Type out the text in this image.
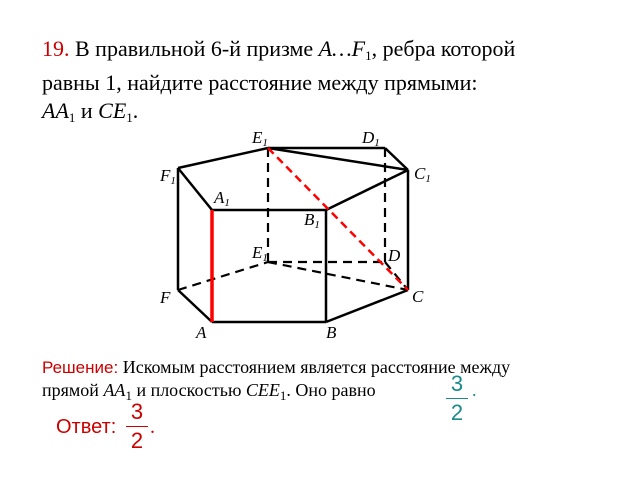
19. В правильной 6-й призме $A\dots F_1$, ребра которой
равны 1, найдите расстояние между прямыми:
$AA_1$ и $CE_1$.
E1	D1
F1	C1
A1
B1
E1	D
F	C
A	B
Решение: Искомым расстоянием является расстояние между
прямой $AA_1$ и плоскостью $CEE_1$. Оно равно	3
2
.
Ответ:
3
2
.
